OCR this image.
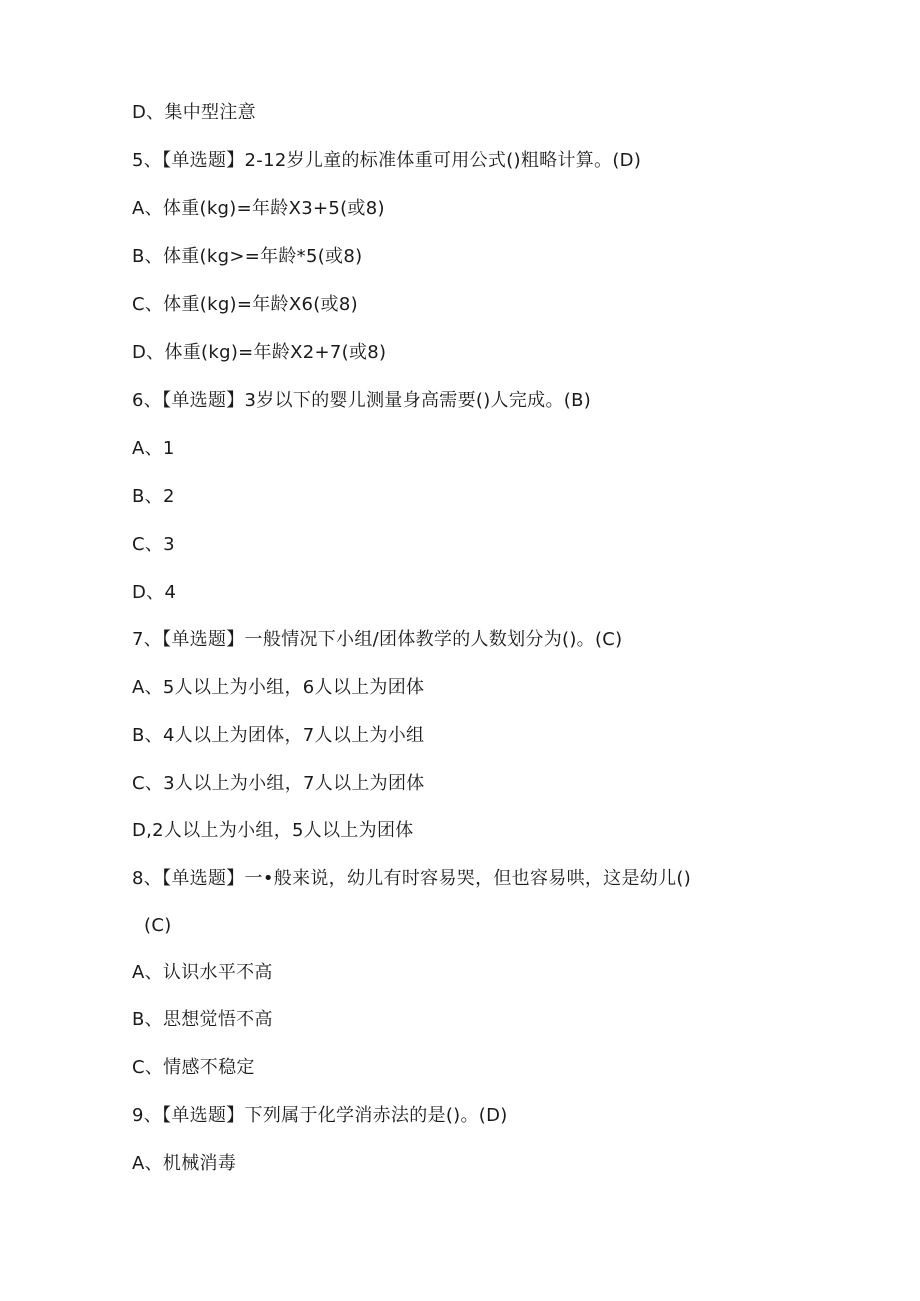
D、集中型注意
5、【单选题】2-12岁儿童的标准体重可用公式()粗略计算。(D)
A、体重(kg)=年龄X3+5(或8)
B、体重(kg>=年龄*5(或8)
C、体重(kg)=年龄X6(或8)
D、体重(kg)=年龄X2+7(或8)
6、【单选题】3岁以下的婴儿测量身高需要()人完成。(B)
A、1
B、2
C、3
D、4
7、【单选题】一般情况下小组/团体教学的人数划分为()。(C)
A、5人以上为小组，6人以上为团体
B、4人以上为团体，7人以上为小组
C、3人以上为小组，7人以上为团体
D,2人以上为小组，5人以上为团体
8、【单选题】一•般来说，幼儿有时容易哭，但也容易哄，这是幼儿()
(C)
A、认识水平不高
B、思想觉悟不高
C、情感不稳定
9、【单选题】下列属于化学消赤法的是()。(D)
A、机械消毒
